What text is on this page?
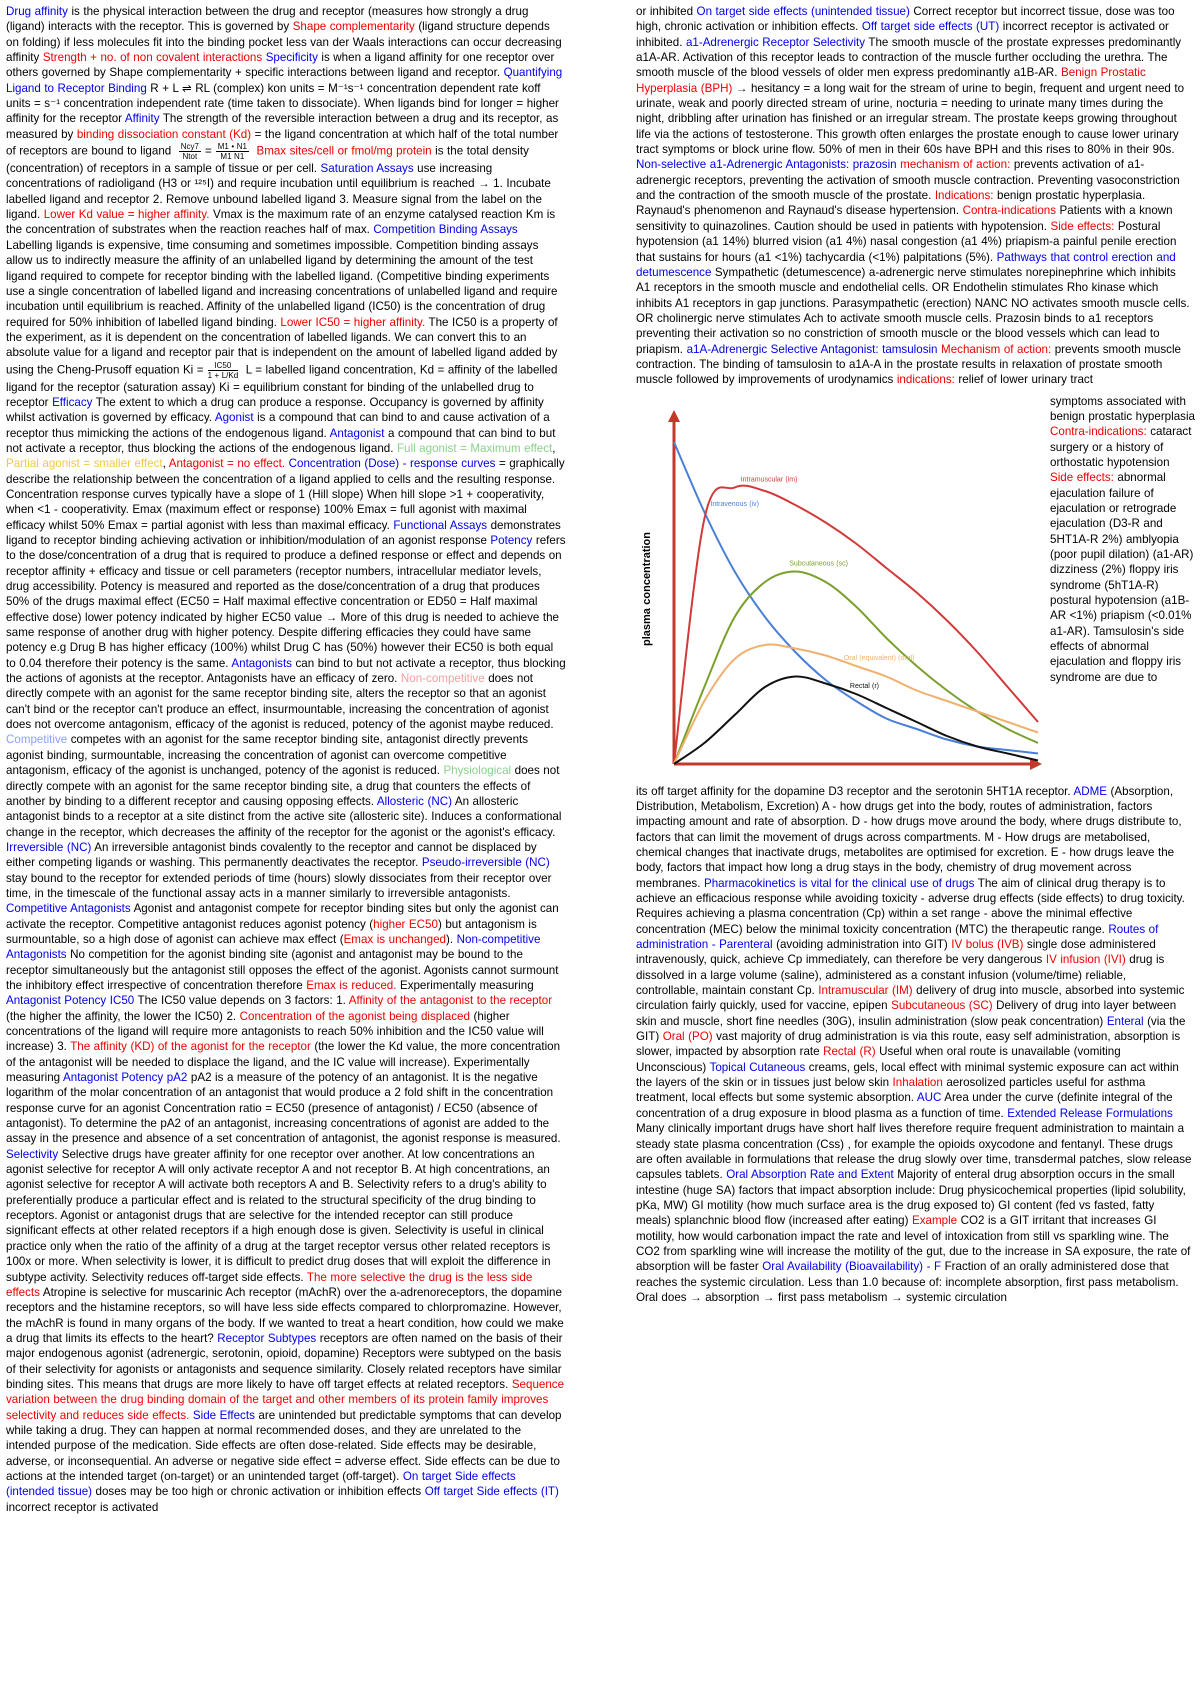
Drug affinity is the physical interaction between the drug and receptor (measures how strongly a drug (ligand) interacts with the receptor. This is governed by Shape complementarity (ligand structure depends on folding) if less molecules fit into the binding pocket less van der Waals interactions can occur decreasing affinity Strength + no. of non covalent interactions Specificity is when a ligand affinity for one receptor over others governed by Shape complementarity + specific interactions between ligand and receptor. Quantifying Ligand to Receptor Binding R + L ⇌ RL (complex) kon units = M⁻¹s⁻¹ concentration dependent rate koff units = s⁻¹ concentration independent rate (time taken to dissociate). When ligands bind for longer = higher affinity for the receptor Affinity The strength of the reversible interaction between a drug and its receptor, as measured by binding dissociation constant (Kd) = the ligand concentration at which half of the total number of receptors are bound to ligand $\frac{\text{Ncy7}}{\text{Ntot}} = \frac{M1 • N1}{M1 N1}$ Bmax sites/cell or fmol/mg protein is the total density (concentration) of receptors in a sample of tissue or per cell. Saturation Assays use increasing concentrations of radioligand (H3 or ¹²⁵I) and require incubation until equilibrium is reached → 1. Incubate labelled ligand and receptor 2. Remove unbound labelled ligand 3. Measure signal from the label on the ligand. Lower Kd value = higher affinity. Vmax is the maximum rate of an enzyme catalysed reaction Km is the concentration of substrates when the reaction reaches half of max. Competition Binding Assays Labelling ligands is expensive, time consuming and sometimes impossible. Competition binding assays allow us to indirectly measure the affinity of an unlabelled ligand by determining the amount of the test ligand required to compete for receptor binding with the labelled ligand. (Competitive binding experiments use a single concentration of labelled ligand and increasing concentrations of unlabelled ligand and require incubation until equilibrium is reached. Affinity of the unlabelled ligand (IC50) is the concentration of drug required for 50% inhibition of labelled ligand binding. Lower IC50 = higher affinity. The IC50 is a property of the experiment, as it is dependent on the concentration of labelled ligands. We can convert this to an absolute value for a ligand and receptor pair that is independent on the amount of labelled ligand added by using the Cheng-Prusoff equation $Ki = \frac{IC50}{1 + L/Kd}$ L = labelled ligand concentration, Kd = affinity of the labelled ligand for the receptor (saturation assay) Ki = equilibrium constant for binding of the unlabelled drug to receptor Efficacy The extent to which a drug can produce a response. Occupancy is governed by affinity whilst activation is governed by efficacy. Agonist is a compound that can bind to and cause activation of a receptor thus mimicking the actions of the endogenous ligand. Antagonist a compound that can bind to but not activate a receptor, thus blocking the actions of the endogenous ligand. Full agonist = Maximum effect, Partial agonist = smaller effect, Antagonist = no effect. Concentration (Dose) - response curves = graphically describe the relationship between the concentration of a ligand applied to cells and the resulting response. Concentration response curves typically have a slope of 1 (Hill slope) When hill slope >1 + cooperativity, when <1 - cooperativity. Emax (maximum effect or response) 100% Emax = full agonist with maximal efficacy whilst 50% Emax = partial agonist with less than maximal efficacy. Functional Assays demonstrates ligand to receptor binding achieving activation or inhibition/modulation of an agonist response Potency refers to the dose/concentration of a drug that is required to produce a defined response or effect and depends on receptor affinity + efficacy and tissue or cell parameters (receptor numbers, intracellular mediator levels, drug accessibility. Potency is measured and reported as the dose/concentration of a drug that produces 50% of the drugs maximal effect (EC50 = Half maximal effective concentration or ED50 = Half maximal effective dose) lower potency indicated by higher EC50 value → More of this drug is needed to achieve the same response of another drug with higher potency. Despite differing efficacies they could have same potency e.g Drug B has higher efficacy (100%) whilst Drug C has (50%) however their EC50 is both equal to 0.04 therefore their potency is the same. Antagonists can bind to but not activate a receptor, thus blocking the actions of agonists at the receptor. Antagonists have an efficacy of zero. Non-competitive does not directly compete with an agonist for the same receptor binding site, alters the receptor so that an agonist can't bind or the receptor can't produce an effect, insurmountable, increasing the concentration of agonist does not overcome antagonism, efficacy of the agonist is reduced, potency of the agonist maybe reduced. Competitive competes with an agonist for the same receptor binding site, antagonist directly prevents agonist binding, surmountable, increasing the concentration of agonist can overcome competitive antagonism, efficacy of the agonist is unchanged, potency of the agonist is reduced. Physiological does not directly compete with an agonist for the same receptor binding site, a drug that counters the effects of another by binding to a different receptor and causing opposing effects. Allosteric (NC) An allosteric antagonist binds to a receptor at a site distinct from the active site (allosteric site). Induces a conformational change in the receptor, which decreases the affinity of the receptor for the agonist or the agonist's efficacy. Irreversible (NC) An irreversible antagonist binds covalently to the receptor and cannot be displaced by either competing ligands or washing. This permanently deactivates the receptor. Pseudo-irreversible (NC) stay bound to the receptor for extended periods of time (hours) slowly dissociates from their receptor over time, in the timescale of the functional assay acts in a manner similarly to irreversible antagonists. Competitive Antagonists Agonist and antagonist compete for receptor binding sites but only the agonist can activate the receptor. Competitive antagonist reduces agonist potency (higher EC50) but antagonism is surmountable, so a high dose of agonist can achieve max effect (Emax is unchanged). Non-competitive Antagonists No competition for the agonist binding site (agonist and antagonist may be bound to the receptor simultaneously but the antagonist still opposes the effect of the agonist. Agonists cannot surmount the inhibitory effect irrespective of concentration therefore Emax is reduced. Experimentally measuring Antagonist Potency IC50 The IC50 value depends on 3 factors: 1. Affinity of the antagonist to the receptor (the higher the affinity, the lower the IC50) 2. Concentration of the agonist being displaced (higher concentrations of the ligand will require more antagonists to reach 50% inhibition and the IC50 value will increase) 3. The affinity (KD) of the agonist for the receptor (the lower the Kd value, the more concentration of the antagonist will be needed to displace the ligand, and the IC value will increase). Experimentally measuring Antagonist Potency pA2 pA2 is a measure of the potency of an antagonist. It is the negative logarithm of the molar concentration of an antagonist that would produce a 2 fold shift in the concentration response curve for an agonist Concentration ratio = EC50 (presence of antagonist) / EC50 (absence of antagonist). To determine the pA2 of an antagonist, increasing concentrations of agonist are added to the assay in the presence and absence of a set concentration of antagonist, the agonist response is measured. Selectivity Selective drugs have greater affinity for one receptor over another. At low concentrations an agonist selective for receptor A will only activate receptor A and not receptor B. At high concentrations, an agonist selective for receptor A will activate both receptors A and B. Selectivity refers to a drug's ability to preferentially produce a particular effect and is related to the structural specificity of the drug binding to receptors. Agonist or antagonist drugs that are selective for the intended receptor can still produce significant effects at other related receptors if a high enough dose is given. Selectivity is useful in clinical practice only when the ratio of the affinity of a drug at the target receptor versus other related receptors is 100x or more. When selectivity is lower, it is difficult to predict drug doses that will exploit the difference in subtype activity. Selectivity reduces off-target side effects. The more selective the drug is the less side effects Atropine is selective for muscarinic Ach receptor (mAchR) over the a-adrenoreceptors, the dopamine receptors and the histamine receptors, so will have less side effects compared to chlorpromazine. However, the mAchR is found in many organs of the body. If we wanted to treat a heart condition, how could we make a drug that limits its effects to the heart? Receptor Subtypes receptors are often named on the basis of their major endogenous agonist (adrenergic, serotonin, opioid, dopamine) Receptors were subtyped on the basis of their selectivity for agonists or antagonists and sequence similarity. Closely related receptors have similar binding sites. This means that drugs are more likely to have off target effects at related receptors. Sequence variation between the drug binding domain of the target and other members of its protein family improves selectivity and reduces side effects. Side Effects are unintended but predictable symptoms that can develop while taking a drug. They can happen at normal recommended doses, and they are unrelated to the intended purpose of the medication. Side effects are often dose-related. Side effects may be desirable, adverse, or inconsequential. An adverse or negative side effect = adverse effect. Side effects can be due to actions at the intended target (on-target) or an unintended target (off-target). On target Side effects (intended tissue) doses may be too high or chronic activation or inhibition effects Off target Side effects (IT) incorrect receptor is activated

or inhibited On target side effects (unintended tissue) Correct receptor but incorrect tissue, dose was too high, chronic activation or inhibition effects. Off target side effects (UT) incorrect receptor is activated or inhibited. a1-Adrenergic Receptor Selectivity The smooth muscle of the prostate expresses predominantly a1A-AR. Activation of this receptor leads to contraction of the muscle further occluding the urethra. The smooth muscle of the blood vessels of older men express predominantly a1B-AR. Benign Prostatic Hyperplasia (BPH) → hesitancy = a long wait for the stream of urine to begin, frequent and urgent need to urinate, weak and poorly directed stream of urine, nocturia = needing to urinate many times during the night, dribbling after urination has finished or an irregular stream. The prostate keeps growing throughout life via the actions of testosterone. This growth often enlarges the prostate enough to cause lower urinary tract symptoms or block urine flow. 50% of men in their 60s have BPH and this rises to 80% in their 90s. Non-selective a1-Adrenergic Antagonists: prazosin mechanism of action: prevents activation of a1-adrenergic receptors, preventing the activation of smooth muscle contraction. Preventing vasoconstriction and the contraction of the smooth muscle of the prostate. Indications: benign prostatic hyperplasia. Raynaud's phenomenon and Raynaud's disease hypertension. Contra-indications Patients with a known sensitivity to quinazolines. Caution should be used in patients with hypotension. Side effects: Postural hypotension (a1 14%) blurred vision (a1 4%) nasal congestion (a1 4%) priapism-a painful penile erection that sustains for hours (a1 <1%) tachycardia (<1%) palpitations (5%). Pathways that control erection and detumescence Sympathetic (detumescence) a-adrenergic nerve stimulates norepinephrine which inhibits A1 receptors in the smooth muscle and endothelial cells. OR Endothelin stimulates Rho kinase which inhibits A1 receptors in gap junctions. Parasympathetic (erection) NANC NO activates smooth muscle cells. OR cholinergic nerve stimulates Ach to activate smooth muscle cells. Prazosin binds to a1 receptors preventing their activation so no constriction of smooth muscle or the blood vessels which can lead to priapism. a1A-Adrenergic Selective Antagonist: tamsulosin Mechanism of action: prevents smooth muscle contraction. The binding of tamsulosin to a1A-A in the prostate results in relaxation of prostate smooth muscle followed by improvements of urodynamics indications: relief of lower urinary tract

plasma concentration
Intravenous (iv)
Intramuscular (im)
Subcutaneous (sc)
Oral (equivalent) (oral)
Rectal (r)

symptoms associated with benign prostatic hyperplasia Contra-indications: cataract surgery or a history of orthostatic hypotension Side effects: abnormal ejaculation failure of ejaculation or retrograde ejaculation (D3-R and 5HT1A-R 2%) amblyopia (poor pupil dilation) (a1-AR) dizziness (2%) floppy iris syndrome (5hT1A-R) postural hypotension (a1B-AR <1%) priapism (<0.01% a1-AR). Tamsulosin's side effects of abnormal ejaculation and floppy iris syndrome are due to

its off target affinity for the dopamine D3 receptor and the serotonin 5HT1A receptor. ADME (Absorption, Distribution, Metabolism, Excretion) A - how drugs get into the body, routes of administration, factors impacting amount and rate of absorption. D - how drugs move around the body, where drugs distribute to, factors that can limit the movement of drugs across compartments. M - How drugs are metabolised, chemical changes that inactivate drugs, metabolites are optimised for excretion. E - how drugs leave the body, factors that impact how long a drug stays in the body, chemistry of drug movement across membranes. Pharmacokinetics is vital for the clinical use of drugs The aim of clinical drug therapy is to achieve an efficacious response while avoiding toxicity - adverse drug effects (side effects) to drug toxicity. Requires achieving a plasma concentration (Cp) within a set range - above the minimal effective concentration (MEC) below the minimal toxicity concentration (MTC) the therapeutic range. Routes of administration - Parenteral (avoiding administration into GIT) IV bolus (IVB) single dose administered intravenously, quick, achieve Cp immediately, can therefore be very dangerous IV infusion (IVI) drug is dissolved in a large volume (saline), administered as a constant infusion (volume/time) reliable, controllable, maintain constant Cp. Intramuscular (IM) delivery of drug into muscle, absorbed into systemic circulation fairly quickly, used for vaccine, epipen Subcutaneous (SC) Delivery of drug into layer between skin and muscle, short fine needles (30G), insulin administration (slow peak concentration) Enteral (via the GIT) Oral (PO) vast majority of drug administration is via this route, easy self administration, absorption is slower, impacted by absorption rate Rectal (R) Useful when oral route is unavailable (vomiting Unconscious) Topical Cutaneous creams, gels, local effect with minimal systemic exposure can act within the layers of the skin or in tissues just below skin Inhalation aerosolized particles useful for asthma treatment, local effects but some systemic absorption. AUC Area under the curve (definite integral of the concentration of a drug exposure in blood plasma as a function of time. Extended Release Formulations Many clinically important drugs have short half lives therefore require frequent administration to maintain a steady state plasma concentration (Css) , for example the opioids oxycodone and fentanyl. These drugs are often available in formulations that release the drug slowly over time, transdermal patches, slow release capsules tablets. Oral Absorption Rate and Extent Majority of enteral drug absorption occurs in the small intestine (huge SA) factors that impact absorption include: Drug physicochemical properties (lipid solubility, pKa, MW) GI motility (how much surface area is the drug exposed to) GI content (fed vs fasted, fatty meals) splanchnic blood flow (increased after eating) Example CO2 is a GIT irritant that increases GI motility, how would carbonation impact the rate and level of intoxication from still vs sparkling wine. The CO2 from sparkling wine will increase the motility of the gut, due to the increase in SA exposure, the rate of absorption will be faster Oral Availability (Bioavailability) - F Fraction of an orally administered dose that reaches the systemic circulation. Less than 1.0 because of: incomplete absorption, first pass metabolism. Oral does → absorption → first pass metabolism → systemic circulation
